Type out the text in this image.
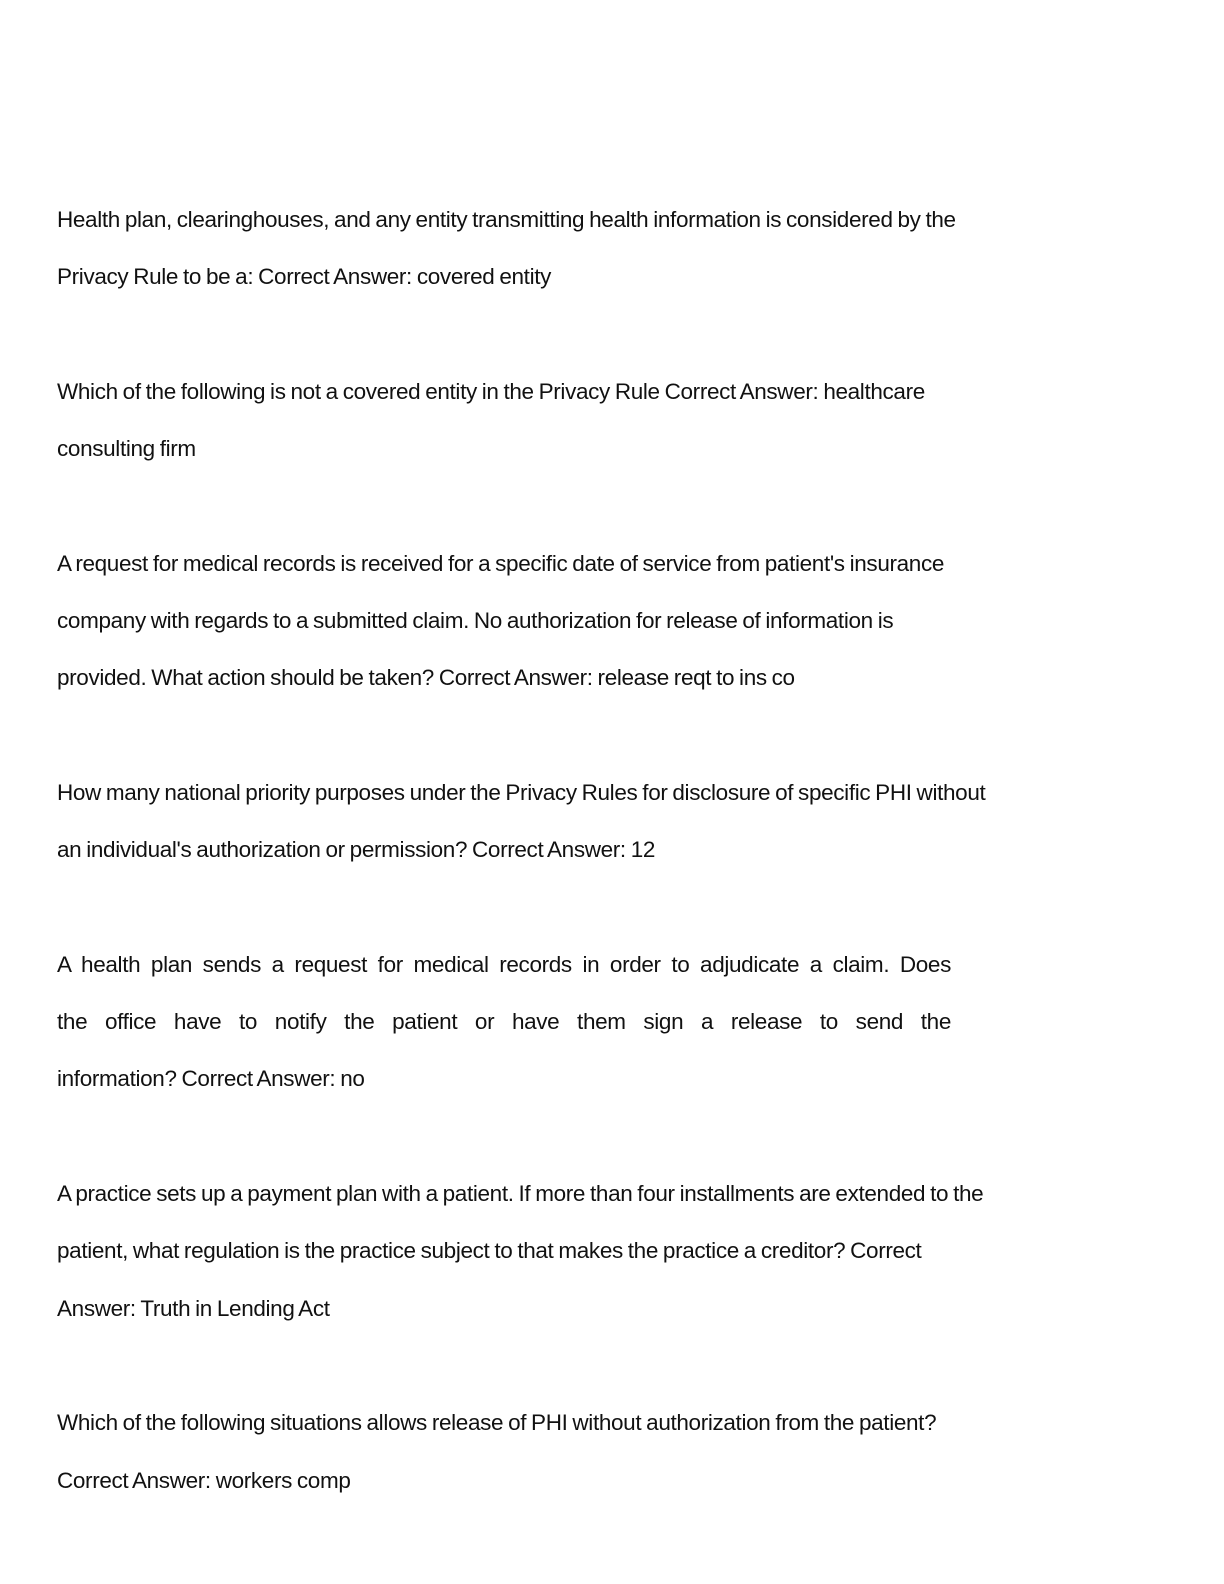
Health plan, clearinghouses, and any entity transmitting health information is considered by the Privacy Rule to be a: Correct Answer: covered entity

Which of the following is not a covered entity in the Privacy Rule Correct Answer: healthcare consulting firm

A request for medical records is received for a specific date of service from patient's insurance company with regards to a submitted claim. No authorization for release of information is provided. What action should be taken? Correct Answer: release reqt to ins co

How many national priority purposes under the Privacy Rules for disclosure of specific PHI without an individual's authorization or permission? Correct Answer: 12

A health plan sends a request for medical records in order to adjudicate a claim. Does
the office have to notify the patient or have them sign a release to send the
information? Correct Answer: no

A practice sets up a payment plan with a patient. If more than four installments are extended to the patient, what regulation is the practice subject to that makes the practice a creditor? Correct Answer: Truth in Lending Act

Which of the following situations allows release of PHI without authorization from the patient? Correct Answer: workers comp
